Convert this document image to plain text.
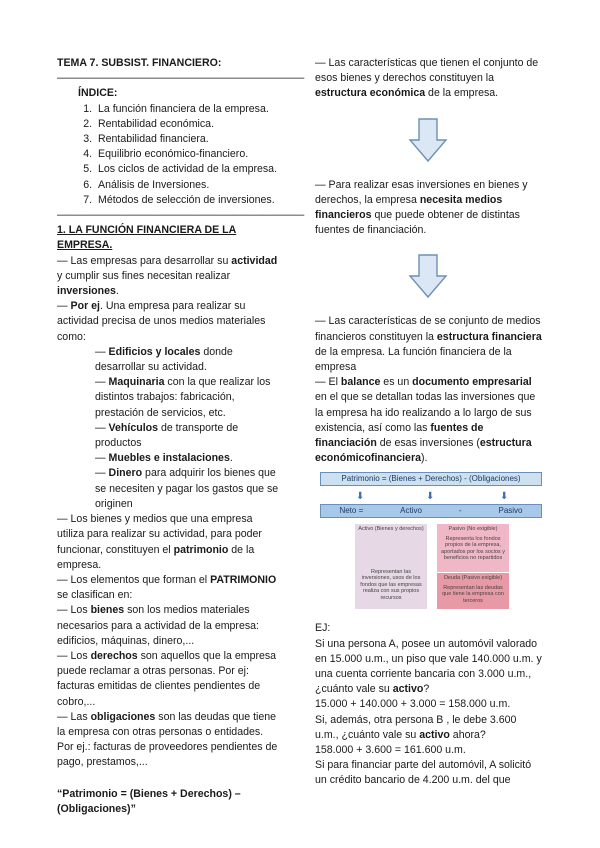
TEMA 7. SUBSIST. FINANCIERO:

————————————————————————

ÍNDICE:

1. La función financiera de la empresa.
2. Rentabilidad económica.
3. Rentabilidad financiera.
4. Equilibrio económico-financiero.
5. Los ciclos de actividad de la empresa.
6. Análisis de Inversiones.
7. Métodos de selección de inversiones.

————————————————————————

1. LA FUNCIÓN FINANCIERA DE LA EMPRESA.

— Las empresas para desarrollar su actividad y cumplir sus fines necesitan realizar inversiones.

— Por ej. Una empresa para realizar su actividad precisa de unos medios materiales como:

— Edificios y locales donde desarrollar su actividad.

— Maquinaria con la que realizar los distintos trabajos: fabricación, prestación de servicios, etc.

— Vehículos de transporte de productos

— Muebles e instalaciones.

— Dinero para adquirir los bienes que se necesiten y pagar los gastos que se originen

— Los bienes y medios que una empresa utiliza para realizar su actividad, para poder funcionar, constituyen el patrimonio de la empresa.

— Los elementos que forman el PATRIMONIO se clasifican en:

— Los bienes son los medios materiales necesarios para a actividad de la empresa: edificios, máquinas, dinero,...

— Los derechos son aquellos que la empresa puede reclamar a otras personas. Por ej: facturas emitidas de clientes pendientes de cobro,...

— Las obligaciones son las deudas que tiene la empresa con otras personas o entidades. Por ej.: facturas de proveedores pendientes de pago, prestamos,...

“Patrimonio = (Bienes + Derechos) – (Obligaciones)”

— Las características que tienen el conjunto de esos bienes y derechos constituyen la estructura económica de la empresa.

— Para realizar esas inversiones en bienes y derechos, la empresa necesita medios financieros que puede obtener de distintas fuentes de financiación.

— Las características de se conjunto de medios financieros constituyen la estructura financiera de la empresa. La función financiera de la empresa

— El balance es un documento empresarial en el que se detallan todas las inversiones que la empresa ha ido realizando a lo largo de sus existencia, así como las fuentes de financiación de esas inversiones (estructura económicofinanciera).

Patrimonio = (Bienes + Derechos) - (Obligaciones)
⬇	⬇	⬇
Neto =	Activo	-	Pasivo
Activo (Bienes y derechos)
Representan las inversiones, usos de los fondos que las empresas realiza con sus propios recursos
Pasivo (No exigible)
Representa los fondos propios de la empresa, aportados por los socios y beneficios no repartidos
Deuda (Pasivo exigible)
Representan las deudas que tiene la empresa con terceros

EJ:

Si una persona A, posee un automóvil valorado en 15.000 u.m., un piso que vale 140.000 u.m. y una cuenta corriente bancaria con 3.000 u.m., ¿cuánto vale su activo?

15.000 + 140.000 + 3.000 = 158.000 u.m.

Si, además, otra persona B , le debe 3.600 u.m., ¿cuánto vale su activo ahora?

158.000 + 3.600 = 161.600 u.m.

Si para financiar parte del automóvil, A solicitó un crédito bancario de 4.200 u.m. del que
